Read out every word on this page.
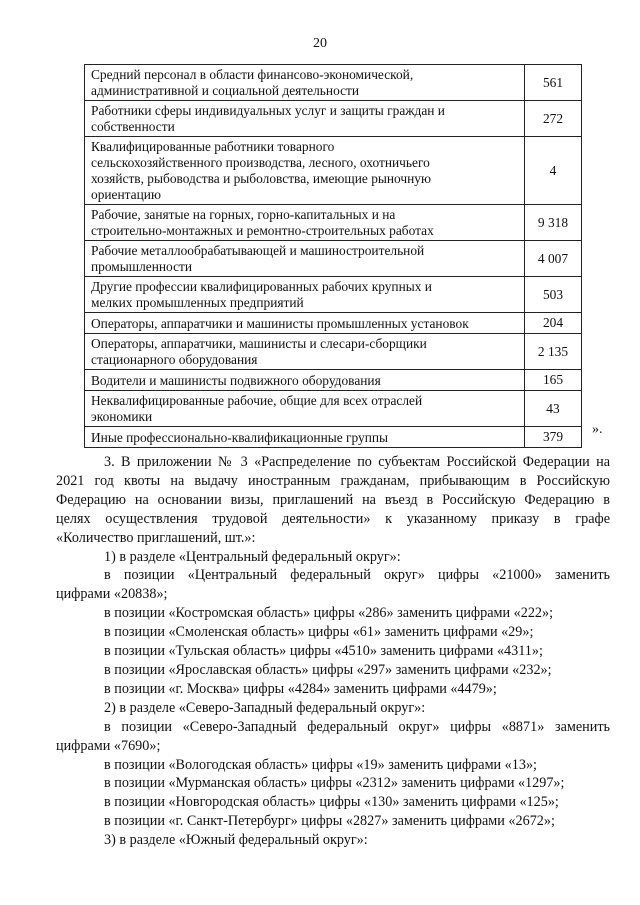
20
Средний персонал в области финансово-экономической,
административной и социальной деятельности	561

Работники сферы индивидуальных услуг и защиты граждан и
собственности	272

Квалифицированные работники товарного
сельскохозяйственного производства, лесного, охотничьего
хозяйств, рыбоводства и рыболовства, имеющие рыночную
ориентацию	4

Рабочие, занятые на горных, горно-капитальных и на
строительно-монтажных и ремонтно-строительных работах	9 318

Рабочие металлообрабатывающей и машиностроительной
промышленности	4 007

Другие профессии квалифицированных рабочих крупных и
мелких промышленных предприятий	503

Операторы, аппаратчики и машинисты промышленных установок	204

Операторы, аппаратчики, машинисты и слесари-сборщики
стационарного оборудования	2 135

Водители и машинисты подвижного оборудования	165

Неквалифицированные рабочие, общие для всех отраслей
экономики	43

Иные профессионально-квалификационные группы	379 ».

3. В приложении № 3 «Распределение по субъектам Российской Федерации на

2021 год квоты на выдачу иностранным гражданам, прибывающим в Российскую

Федерацию на основании визы, приглашений на въезд в Российскую Федерацию в

целях осуществления трудовой деятельности» к указанному приказу в графе

«Количество приглашений, шт.»:

1) в разделе «Центральный федеральный округ»:

в позиции «Центральный федеральный округ» цифры «21000» заменить

цифрами «20838»;

в позиции «Костромская область» цифры «286» заменить цифрами «222»;

в позиции «Смоленская область» цифры «61» заменить цифрами «29»;

в позиции «Тульская область» цифры «4510» заменить цифрами «4311»;

в позиции «Ярославская область» цифры «297» заменить цифрами «232»;

в позиции «г. Москва» цифры «4284» заменить цифрами «4479»;

2) в разделе «Северо-Западный федеральный округ»:

в позиции «Северо-Западный федеральный округ» цифры «8871» заменить

цифрами «7690»;

в позиции «Вологодская область» цифры «19» заменить цифрами «13»;

в позиции «Мурманская область» цифры «2312» заменить цифрами «1297»;

в позиции «Новгородская область» цифры «130» заменить цифрами «125»;

в позиции «г. Санкт-Петербург» цифры «2827» заменить цифрами «2672»;

3) в разделе «Южный федеральный округ»:
